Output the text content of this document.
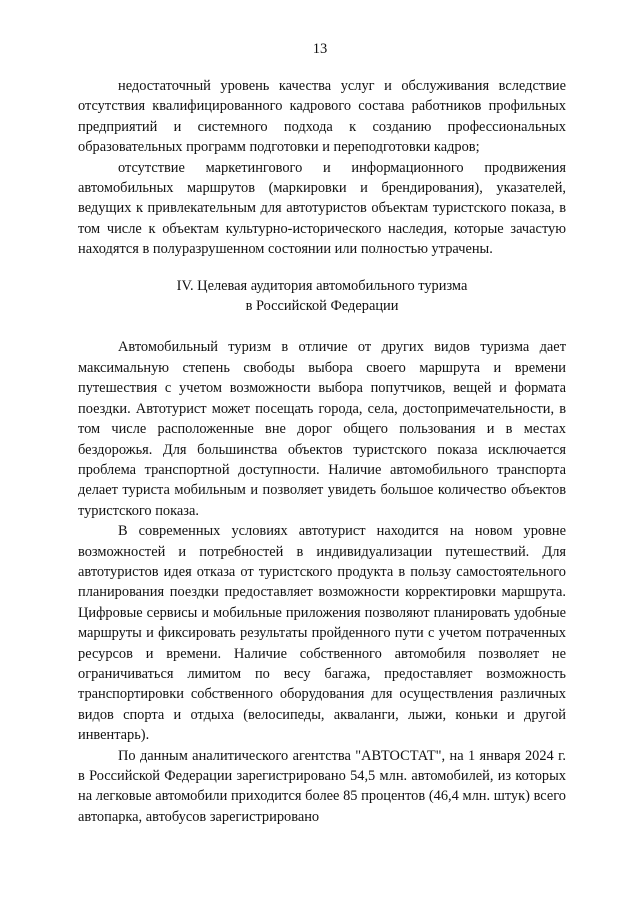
13

недостаточный уровень качества услуг и обслуживания вследствие отсутствия квалифицированного кадрового состава работников профильных предприятий и системного подхода к созданию профессиональных образовательных программ подготовки и переподготовки кадров;

отсутствие маркетингового и информационного продвижения автомобильных маршрутов (маркировки и брендирования), указателей, ведущих к привлекательным для автотуристов объектам туристского показа, в том числе к объектам культурно-исторического наследия, которые зачастую находятся в полуразрушенном состоянии или полностью утрачены.

IV. Целевая аудитория автомобильного туризма
в Российской Федерации

Автомобильный туризм в отличие от других видов туризма дает максимальную степень свободы выбора своего маршрута и времени путешествия с учетом возможности выбора попутчиков, вещей и формата поездки. Автотурист может посещать города, села, достопримечательности, в том числе расположенные вне дорог общего пользования и в местах бездорожья. Для большинства объектов туристского показа исключается проблема транспортной доступности. Наличие автомобильного транспорта делает туриста мобильным и позволяет увидеть большое количество объектов туристского показа.

В современных условиях автотурист находится на новом уровне возможностей и потребностей в индивидуализации путешествий. Для автотуристов идея отказа от туристского продукта в пользу самостоятельного планирования поездки предоставляет возможности корректировки маршрута. Цифровые сервисы и мобильные приложения позволяют планировать удобные маршруты и фиксировать результаты пройденного пути с учетом потраченных ресурсов и времени. Наличие собственного автомобиля позволяет не ограничиваться лимитом по весу багажа, предоставляет возможность транспортировки собственного оборудования для осуществления различных видов спорта и отдыха (велосипеды, акваланги, лыжи, коньки и другой инвентарь).

По данным аналитического агентства "АВТОСТАТ", на 1 января 2024 г. в Российской Федерации зарегистрировано 54,5 млн. автомобилей, из которых на легковые автомобили приходится более 85 процентов (46,4 млн. штук) всего автопарка, автобусов зарегистрировано
